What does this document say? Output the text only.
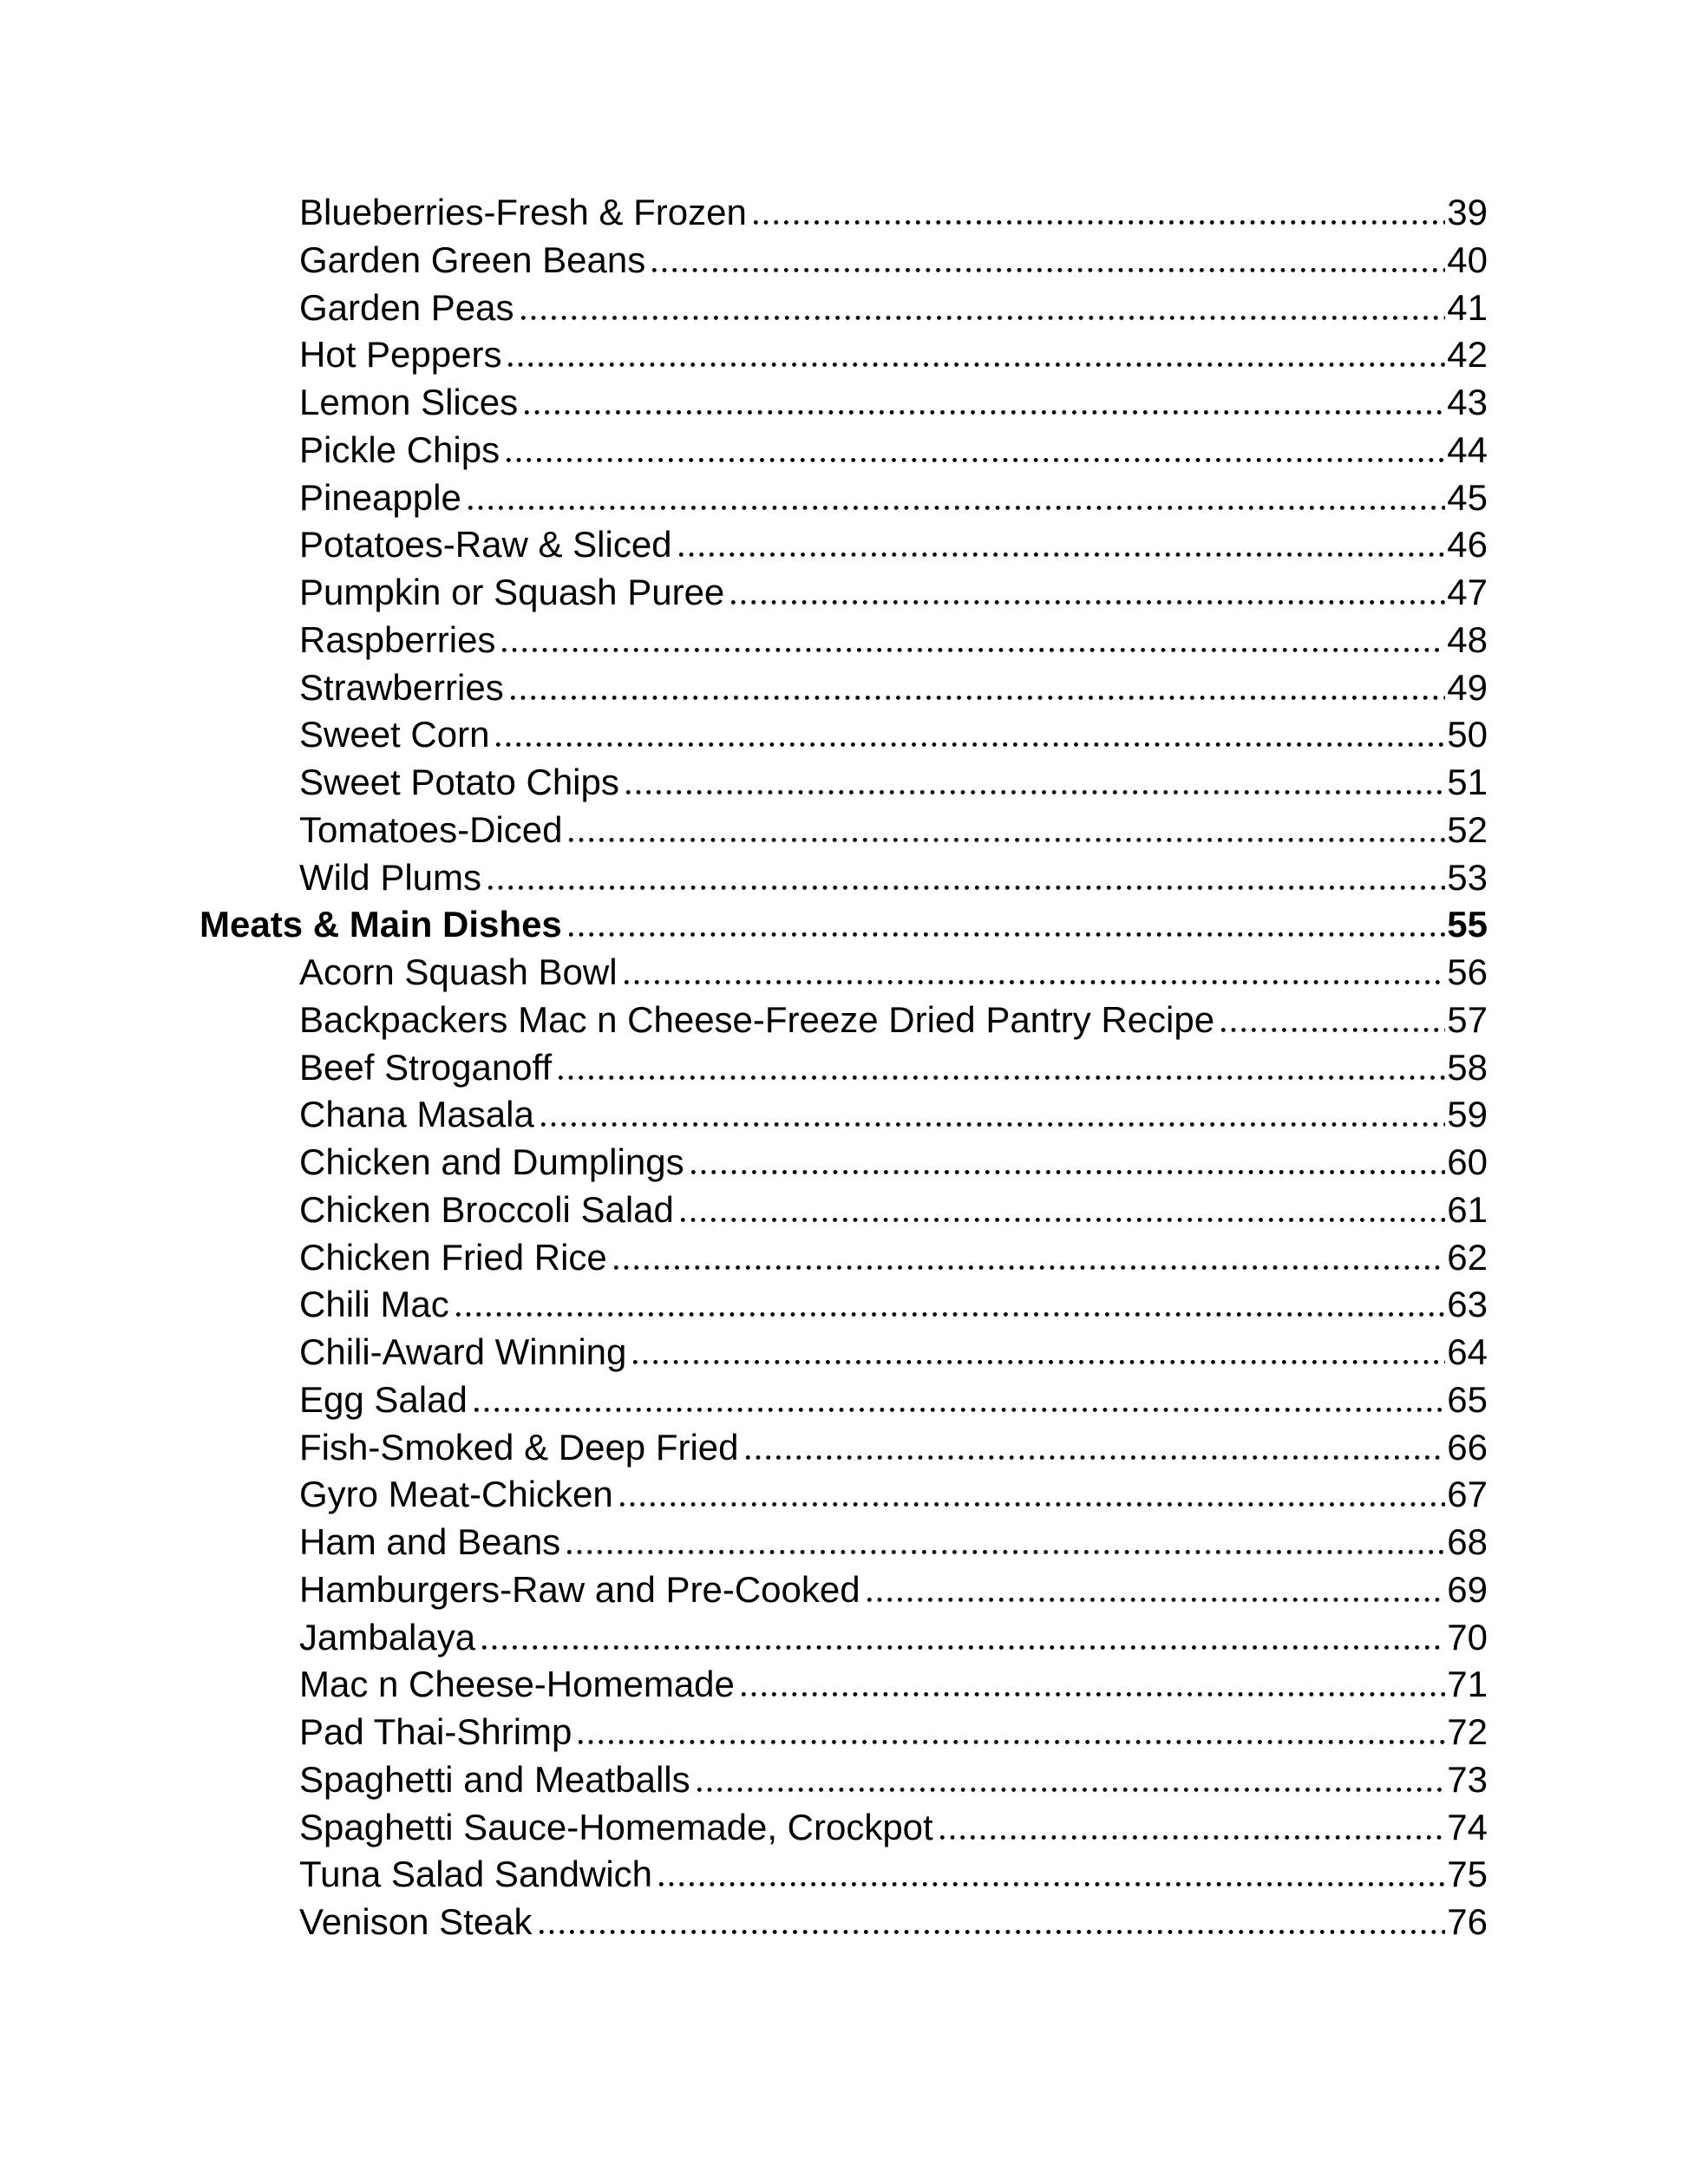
Blueberries-Fresh & Frozen	39
Garden Green Beans	40
Garden Peas	41
Hot Peppers	42
Lemon Slices	43
Pickle Chips	44
Pineapple	45
Potatoes-Raw & Sliced	46
Pumpkin or Squash Puree	47
Raspberries	48
Strawberries	49
Sweet Corn	50
Sweet Potato Chips	51
Tomatoes-Diced	52
Wild Plums	53
Meats & Main Dishes	55
Acorn Squash Bowl	56
Backpackers Mac n Cheese-Freeze Dried Pantry Recipe	57
Beef Stroganoff	58
Chana Masala	59
Chicken and Dumplings	60
Chicken Broccoli Salad	61
Chicken Fried Rice	62
Chili Mac	63
Chili-Award Winning	64
Egg Salad	65
Fish-Smoked & Deep Fried	66
Gyro Meat-Chicken	67
Ham and Beans	68
Hamburgers-Raw and Pre-Cooked	69
Jambalaya	70
Mac n Cheese-Homemade	71
Pad Thai-Shrimp	72
Spaghetti and Meatballs	73
Spaghetti Sauce-Homemade, Crockpot	74
Tuna Salad Sandwich	75
Venison Steak	76
